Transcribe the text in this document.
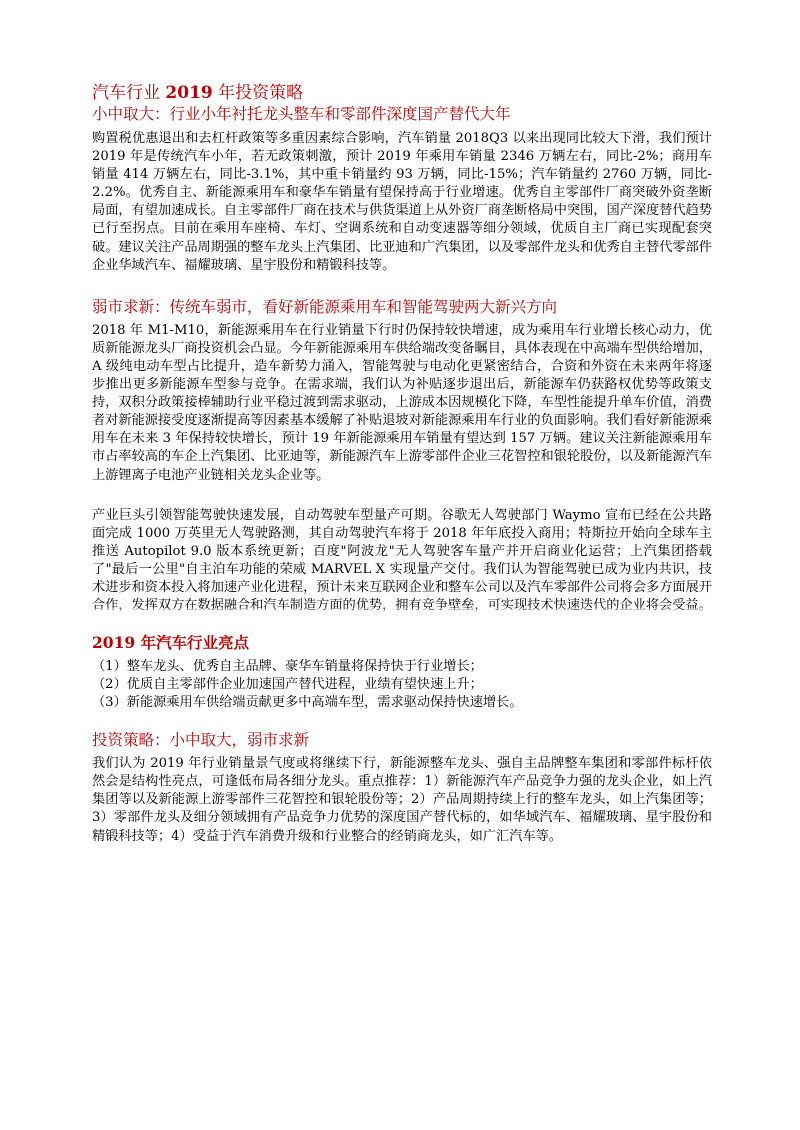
汽车行业 2019 年投资策略
小中取大：行业小年衬托龙头整车和零部件深度国产替代大年

购置税优惠退出和去杠杆政策等多重因素综合影响，汽车销量 2018Q3 以来出现同比较大下滑，我们预计 2019 年是传统汽车小年，若无政策刺激，预计 2019 年乘用车销量 2346 万辆左右，同比-2%；商用车销量 414 万辆左右，同比-3.1%，其中重卡销量约 93 万辆，同比-15%；汽车销量约 2760 万辆，同比-2.2%。优秀自主、新能源乘用车和豪华车销量有望保持高于行业增速。优秀自主零部件厂商突破外资垄断局面，有望加速成长。自主零部件厂商在技术与供货渠道上从外资厂商垄断格局中突围，国产深度替代趋势已行至拐点。目前在乘用车座椅、车灯、空调系统和自动变速器等细分领域，优质自主厂商已实现配套突破。建议关注产品周期强的整车龙头上汽集团、比亚迪和广汽集团，以及零部件龙头和优秀自主替代零部件企业华域汽车、福耀玻璃、星宇股份和精锻科技等。

弱市求新：传统车弱市，看好新能源乘用车和智能驾驶两大新兴方向

2018 年 M1-M10，新能源乘用车在行业销量下行时仍保持较快增速，成为乘用车行业增长核心动力，优质新能源龙头厂商投资机会凸显。今年新能源乘用车供给端改变备瞩目，具体表现在中高端车型供给增加，A 级纯电动车型占比提升，造车新势力涌入，智能驾驶与电动化更紧密结合，合资和外资在未来两年将逐步推出更多新能源车型参与竞争。在需求端，我们认为补贴逐步退出后，新能源车仍获路权优势等政策支持，双积分政策接棒辅助行业平稳过渡到需求驱动，上游成本因规模化下降，车型性能提升单车价值，消费者对新能源接受度逐渐提高等因素基本缓解了补贴退坡对新能源乘用车行业的负面影响。我们看好新能源乘用车在未来 3 年保持较快增长，预计 19 年新能源乘用车销量有望达到 157 万辆。建议关注新能源乘用车市占率较高的车企上汽集团、比亚迪等，新能源汽车上游零部件企业三花智控和银轮股份，以及新能源汽车上游锂离子电池产业链相关龙头企业等。

产业巨头引领智能驾驶快速发展，自动驾驶车型量产可期。谷歌无人驾驶部门 Waymo 宣布已经在公共路面完成 1000 万英里无人驾驶路测，其自动驾驶汽车将于 2018 年年底投入商用；特斯拉开始向全球车主推送 Autopilot 9.0 版本系统更新；百度"阿波龙"无人驾驶客车量产并开启商业化运营；上汽集团搭载了"最后一公里"自主泊车功能的荣威 MARVEL X 实现量产交付。我们认为智能驾驶已成为业内共识，技术进步和资本投入将加速产业化进程，预计未来互联网企业和整车公司以及汽车零部件公司将会多方面展开合作，发挥双方在数据融合和汽车制造方面的优势，拥有竞争壁垒，可实现技术快速迭代的企业将会受益。

2019 年汽车行业亮点
（1）整车龙头、优秀自主品牌、豪华车销量将保持快于行业增长；
（2）优质自主零部件企业加速国产替代进程，业绩有望快速上升；
（3）新能源乘用车供给端贡献更多中高端车型，需求驱动保持快速增长。
投资策略：小中取大，弱市求新

我们认为 2019 年行业销量景气度或将继续下行，新能源整车龙头、强自主品牌整车集团和零部件标杆依然会是结构性亮点，可逢低布局各细分龙头。重点推荐：1）新能源汽车产品竞争力强的龙头企业，如上汽集团等以及新能源上游零部件三花智控和银轮股份等；2）产品周期持续上行的整车龙头，如上汽集团等；3）零部件龙头及细分领域拥有产品竞争力优势的深度国产替代标的，如华域汽车、福耀玻璃、星宇股份和精锻科技等；4）受益于汽车消费升级和行业整合的经销商龙头，如广汇汽车等。
